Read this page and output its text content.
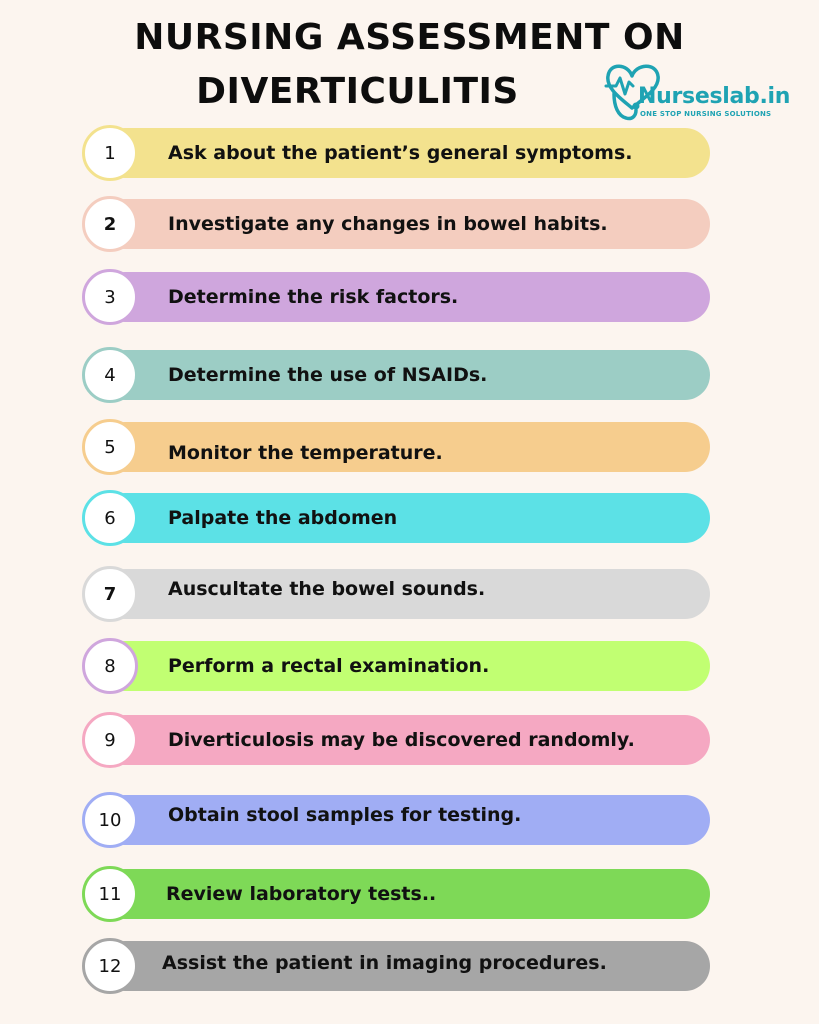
NURSING ASSESSMENT ON
DIVERTICULITIS	Nurseslab.in
ONE STOP NURSING SOLUTIONS
1	Ask about the patient’s general symptoms.
2	Investigate any changes in bowel habits.
3	Determine the risk factors.
4	Determine the use of NSAIDs.
5	Monitor the temperature.
6	Palpate the abdomen
7	Auscultate the bowel sounds.
8	Perform a rectal examination.
9	Diverticulosis may be discovered randomly.
10 Obtain stool samples for testing.
11 Review laboratory tests..
12 Assist the patient in imaging procedures.
